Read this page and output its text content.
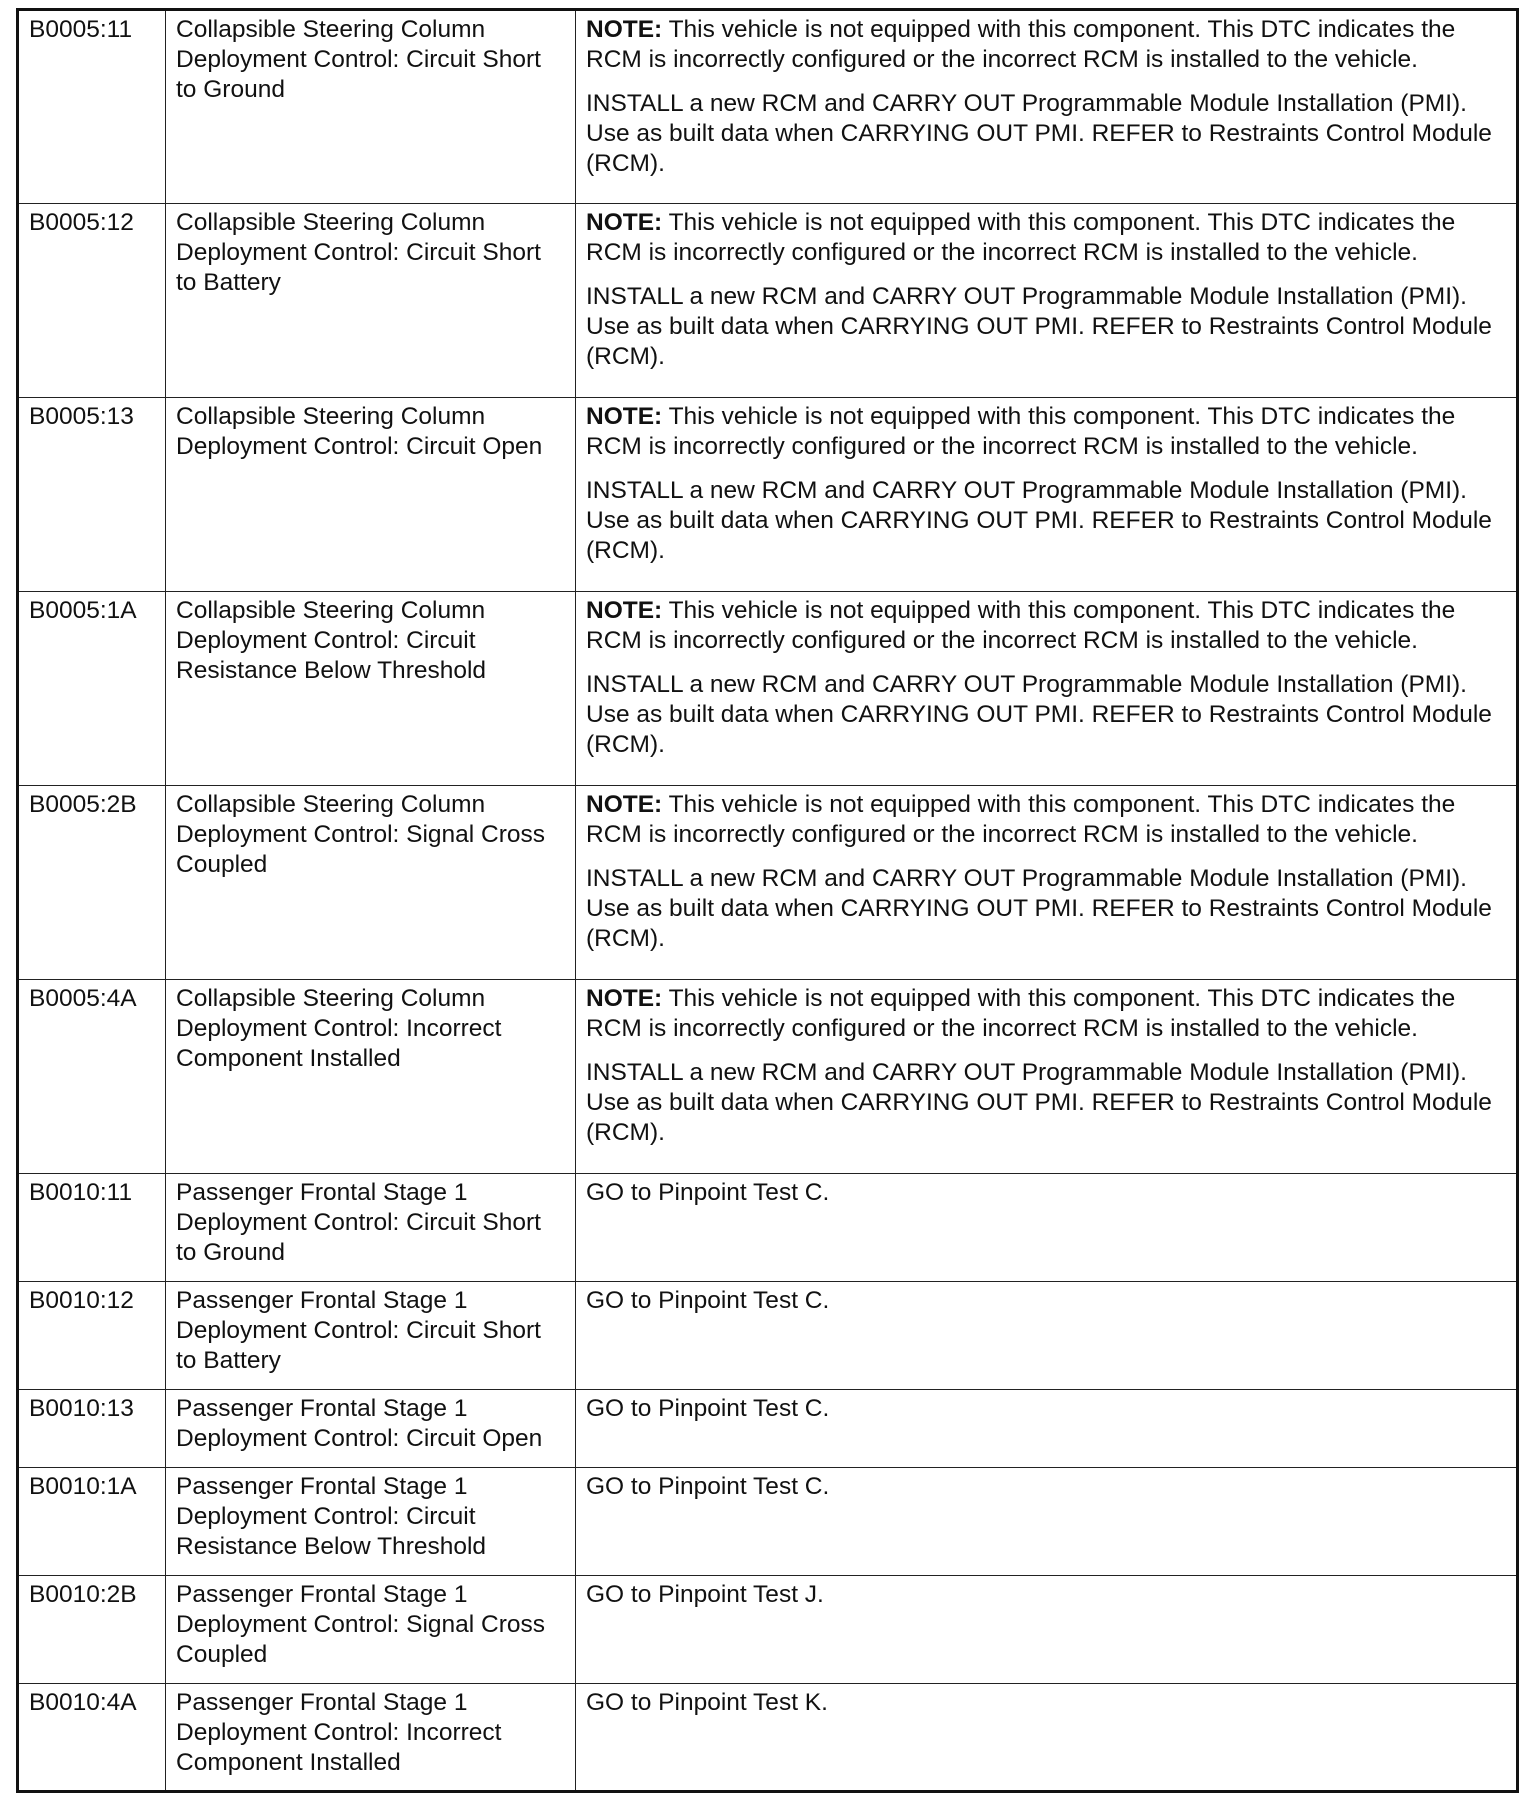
B0005:11	Collapsible Steering Column Deployment Control: Circuit Short to Ground	NOTE: This vehicle is not equipped with this component. This DTC indicates the RCM is incorrectly configured or the incorrect RCM is installed to the vehicle.

INSTALL a new RCM and CARRY OUT Programmable Module Installation (PMI). Use as built data when CARRYING OUT PMI. REFER to Restraints Control Module (RCM).

B0005:12	Collapsible Steering Column Deployment Control: Circuit Short to Battery	NOTE: This vehicle is not equipped with this component. This DTC indicates the RCM is incorrectly configured or the incorrect RCM is installed to the vehicle.

INSTALL a new RCM and CARRY OUT Programmable Module Installation (PMI). Use as built data when CARRYING OUT PMI. REFER to Restraints Control Module (RCM).

B0005:13	Collapsible Steering Column Deployment Control: Circuit Open	NOTE: This vehicle is not equipped with this component. This DTC indicates the RCM is incorrectly configured or the incorrect RCM is installed to the vehicle.

INSTALL a new RCM and CARRY OUT Programmable Module Installation (PMI). Use as built data when CARRYING OUT PMI. REFER to Restraints Control Module (RCM).

B0005:1A	Collapsible Steering Column Deployment Control: Circuit Resistance Below Threshold	NOTE: This vehicle is not equipped with this component. This DTC indicates the RCM is incorrectly configured or the incorrect RCM is installed to the vehicle.

INSTALL a new RCM and CARRY OUT Programmable Module Installation (PMI). Use as built data when CARRYING OUT PMI. REFER to Restraints Control Module (RCM).

B0005:2B	Collapsible Steering Column Deployment Control: Signal Cross Coupled	NOTE: This vehicle is not equipped with this component. This DTC indicates the RCM is incorrectly configured or the incorrect RCM is installed to the vehicle.

INSTALL a new RCM and CARRY OUT Programmable Module Installation (PMI). Use as built data when CARRYING OUT PMI. REFER to Restraints Control Module (RCM).

B0005:4A	Collapsible Steering Column Deployment Control: Incorrect Component Installed	NOTE: This vehicle is not equipped with this component. This DTC indicates the RCM is incorrectly configured or the incorrect RCM is installed to the vehicle.

INSTALL a new RCM and CARRY OUT Programmable Module Installation (PMI). Use as built data when CARRYING OUT PMI. REFER to Restraints Control Module (RCM).

B0010:11	Passenger Frontal Stage 1 Deployment Control: Circuit Short to Ground	GO to Pinpoint Test C.
B0010:12	Passenger Frontal Stage 1 Deployment Control: Circuit Short to Battery	GO to Pinpoint Test C.
B0010:13	Passenger Frontal Stage 1 Deployment Control: Circuit Open	GO to Pinpoint Test C.
B0010:1A	Passenger Frontal Stage 1 Deployment Control: Circuit Resistance Below Threshold	GO to Pinpoint Test C.
B0010:2B	Passenger Frontal Stage 1 Deployment Control: Signal Cross Coupled	GO to Pinpoint Test J.
B0010:4A	Passenger Frontal Stage 1 Deployment Control: Incorrect Component Installed	GO to Pinpoint Test K.
